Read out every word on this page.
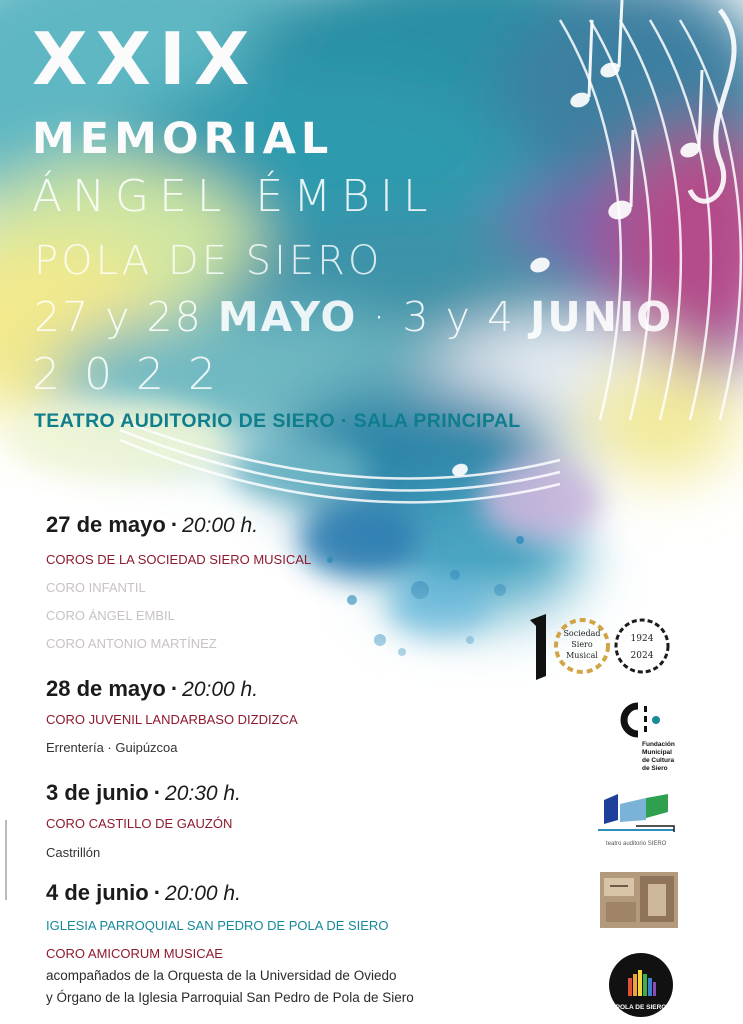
XXIX
MEMORIAL
ÁNGEL ÉMBIL
POLA DE SIERO
27 y 28 MAYO · 3 y 4 JUNIO
2022
TEATRO AUDITORIO DE SIERO · SALA PRINCIPAL
27 de mayo · 20:00 h.
COROS DE LA SOCIEDAD SIERO MUSICAL
CORO INFANTIL
CORO ÁNGEL EMBIL
CORO ANTONIO MARTÍNEZ
28 de mayo · 20:00 h.
CORO JUVENIL LANDARBASO DIZDIZCA
Errentería · Guipúzcoa
3 de junio · 20:30 h.
CORO CASTILLO DE GAUZÓN
Castrillón
4 de junio · 20:00 h.
IGLESIA PARROQUIAL SAN PEDRO DE POLA DE SIERO
CORO AMICORUM MUSICAE
acompañados de la Orquesta de la Universidad de Oviedo
y Órgano de la Iglesia Parroquial San Pedro de Pola de Siero
Sociedad
Siero
Musical
1924
2024
Fundación
Municipal
de Cultura
de Siero
teatro auditorio SIERO
POLA DE SIERO
